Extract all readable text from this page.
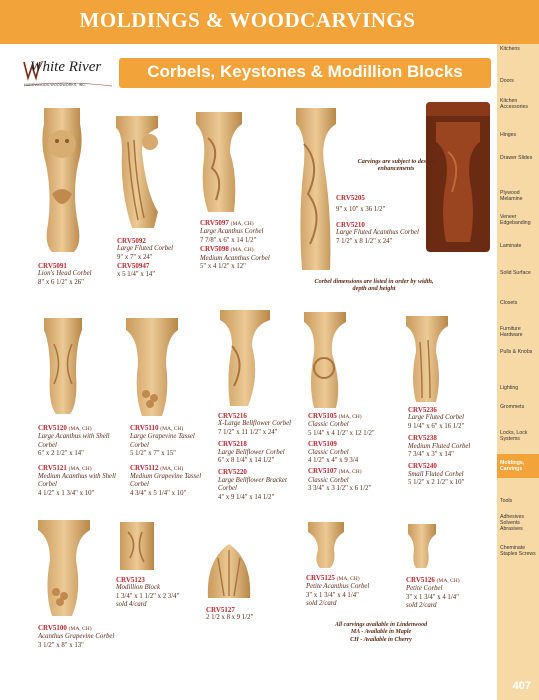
MOLDINGS & WOODCARVINGS
Kitchens
Doors
Kitchen Accessories
Hinges
Drawer Slides
Plywood Melamine
Veneer Edgebanding
Laminate
Solid Surface
Closets
Furniture Hardware
Pulls & Knobs
Lighting
Grommets
Locks, Lock Systems
Moldings, Carvings
Tools
Adhesives Solvents Abrasives
Cheminate Staples Screws
407
White River
HARDWOODS-WOODWORKS, INC.
Corbels, Keystones & Modillion Blocks
Carvings are subject to design enhancements
Corbel dimensions are listed in order by width, depth and height
CRV5091
Lion's Head Corbel
8" x 6 1/2" x 26"
CRV5092
Large Fluted Corbel
9" x 7" x 24"
CRV50947
x 5 1/4" x 14"
CRV5097 (MA, CH)
Large Acanthus Corbel
7 7/8" x 6" x 14 1/2"
CRV5098 (MA, CH)
Medium Acanthus Corbel
5" x 4 1/2" x 12"
CRV5205
9" x 10" x 36 1/2"
CRV5210
Large Fluted Acanthus Corbel
7 1/2" x 8 1/2" x 24"
CRV5120 (MA, CH)
Large Acanthus with Shell Corbel
6" x 2 1/2" x 14"
CRV5121 (MA, CH)
Medium Acanthus with Shell Corbel
4 1/2" x 1 3/4" x 10"
CRV5110 (MA, CH)
Large Grapevine Tassel Corbel
5 1/2" x 7" x 15"
CRV5112 (MA, CH)
Medium Grapevine Tassel Corbel
4 3/4" x 5 1/4" x 10"
CRV5216
X-Large Bellflower Corbel
7 1/2" x 11 1/2" x 24"
CRV5218
Large Bellflower Corbel
6" x 8 1/4" x 14 1/2"
CRV5220
Large Bellflower Bracket Corbel
4" x 9 1/4" x 14 1/2"
CRV5105 (MA, CH)
Classic Corbel
5 1/4" x 4 1/2" x 12 1/2"
CRV5109
Classic Corbel
4 1/2" x 4" x 9 3/4
CRV5107 (MA, CH)
Classic Corbel
3 3/4" x 3 1/2" x 6 1/2"
CRV5236
Large Fluted Corbel
9 1/4" x 6" x 16 1/2"
CRV5238
Medium Fluted Corbel
7 3/4" x 3" x 14"
CRV5240
Small Fluted Corbel
5 1/2" x 2 1/2" x 10"
CRV5100 (MA, CH)
Acanthus Grapevine Corbel
3 1/2" x 8" x 13"
CRV5123
Modillion Block
1 3/4" x 1 1/2" x 2 3/4"
sold 4/card
CRV5127
2 1/2 x 8 x 9 1/2"
CRV5125 (MA, CH)
Petite Acanthus Corbel
3" x 1 3/4" x 4 1/4"
sold 2/card
CRV5126 (MA, CH)
Petite Corbel
3" x 1 3/4" x 4 1/4"
sold 2/card
All carvings available in Lindenwood
MA - Available in Maple
CH - Available in Cherry
